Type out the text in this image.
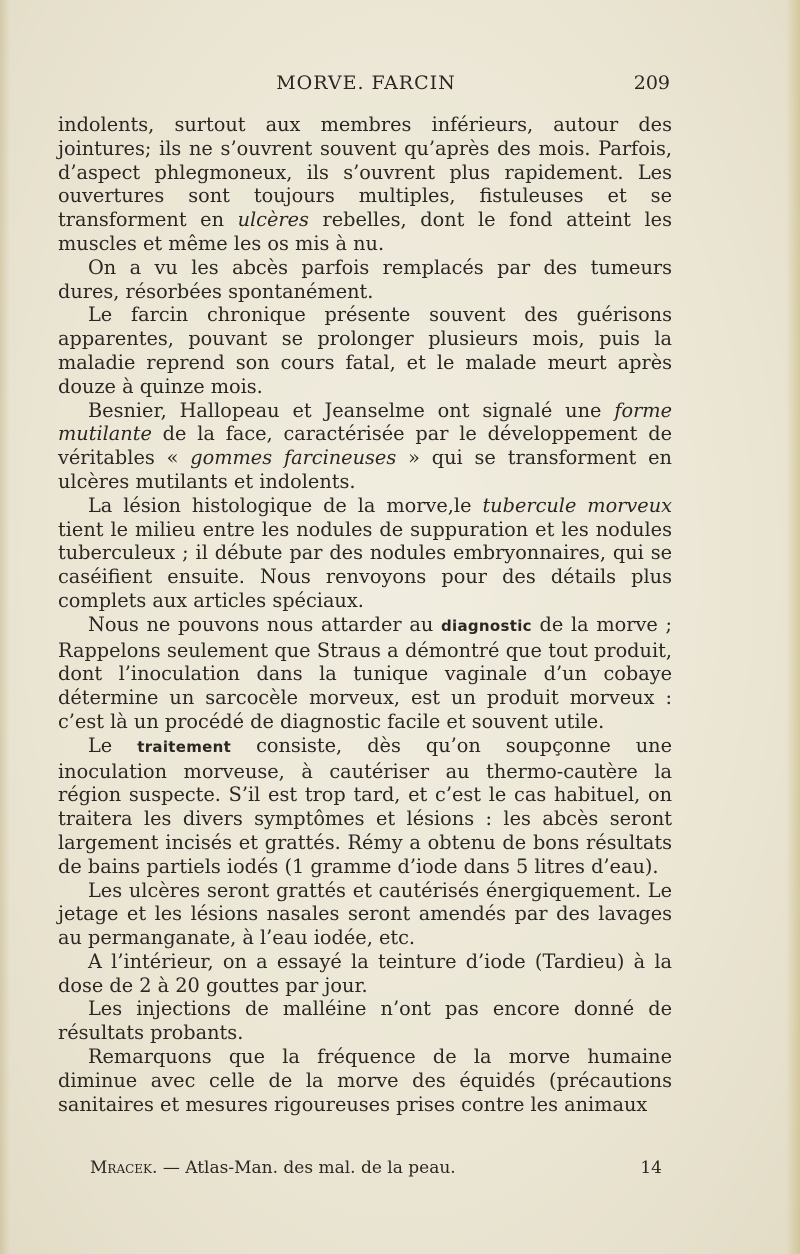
MORVE. FARCIN	209

indolents, surtout aux membres inférieurs, autour des jointures; ils ne s’ouvrent souvent qu’après des mois. Parfois, d’aspect phlegmoneux, ils s’ouvrent plus rapidement. Les ouvertures sont toujours multiples, fistuleuses et se transforment en ulcères rebelles, dont le fond atteint les muscles et même les os mis à nu.

On a vu les abcès parfois remplacés par des tumeurs dures, résorbées spontanément.

Le farcin chronique présente souvent des guérisons apparentes, pouvant se prolonger plusieurs mois, puis la maladie reprend son cours fatal, et le malade meurt après douze à quinze mois.

Besnier, Hallopeau et Jeanselme ont signalé une forme mutilante de la face, caractérisée par le développement de véritables « gommes farcineuses » qui se transforment en ulcères mutilants et indolents.

La lésion histologique de la morve,le tubercule morveux tient le milieu entre les nodules de suppuration et les nodules tuberculeux ; il débute par des nodules embryonnaires, qui se caséifient ensuite. Nous renvoyons pour des détails plus complets aux articles spéciaux.

Nous ne pouvons nous attarder au diagnostic de la morve ; Rappelons seulement que Straus a démontré que tout produit, dont l’inoculation dans la tunique vaginale d’un cobaye détermine un sarcocèle morveux, est un produit morveux : c’est là un procédé de diagnostic facile et souvent utile.

Le traitement consiste, dès qu’on soupçonne une inoculation morveuse, à cautériser au thermo-cautère la région suspecte. S’il est trop tard, et c’est le cas habituel, on traitera les divers symptômes et lésions : les abcès seront largement incisés et grattés. Rémy a obtenu de bons résultats de bains partiels iodés (1 gramme d’iode dans 5 litres d’eau).

Les ulcères seront grattés et cautérisés énergiquement. Le jetage et les lésions nasales seront amendés par des lavages au permanganate, à l’eau iodée, etc.

A l’intérieur, on a essayé la teinture d’iode (Tardieu) à la dose de 2 à 20 gouttes par jour.

Les injections de malléine n’ont pas encore donné de résultats probants.

Remarquons que la fréquence de la morve humaine diminue avec celle de la morve des équidés (précautions sanitaires et mesures rigoureuses prises contre les animaux

Mracek. — Atlas-Man. des mal. de la peau.	14
